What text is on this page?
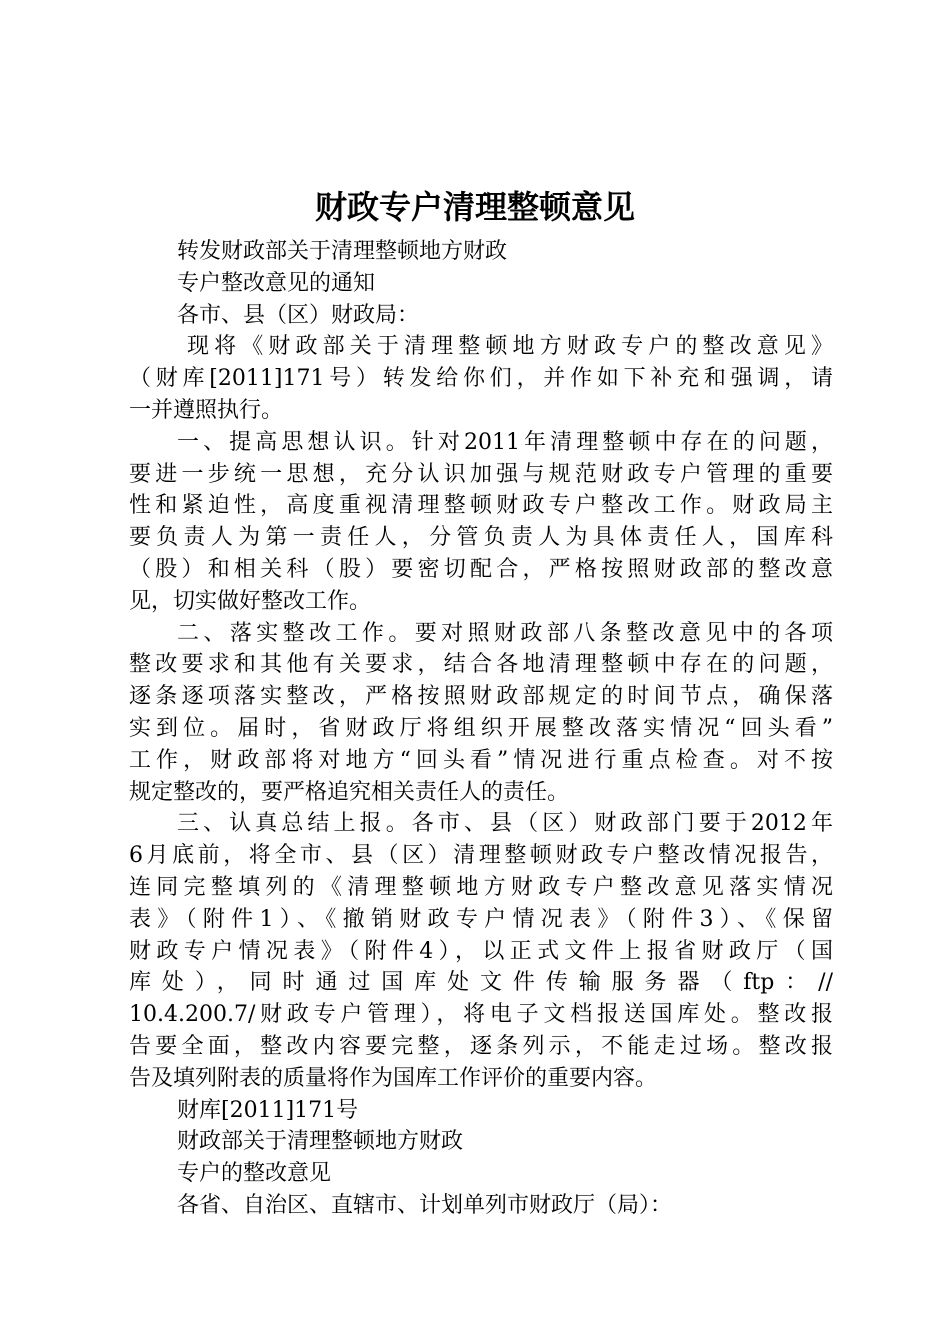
财政专户清理整顿意见
转发财政部关于清理整顿地方财政
专户整改意见的通知
各市、县（区）财政局：
现将《财政部关于清理整顿地方财政专户的整改意见》
（财库[2011]171号）转发给你们，并作如下补充和强调，请
一并遵照执行。
一、提高思想认识。针对2011年清理整顿中存在的问题，
要进一步统一思想，充分认识加强与规范财政专户管理的重要
性和紧迫性，高度重视清理整顿财政专户整改工作。财政局主
要负责人为第一责任人，分管负责人为具体责任人，国库科
（股）和相关科（股）要密切配合，严格按照财政部的整改意
见，切实做好整改工作。
二、落实整改工作。要对照财政部八条整改意见中的各项
整改要求和其他有关要求，结合各地清理整顿中存在的问题，
逐条逐项落实整改，严格按照财政部规定的时间节点，确保落
实到位。届时，省财政厅将组织开展整改落实情况“回头看”
工作，财政部将对地方“回头看”情况进行重点检查。对不按
规定整改的，要严格追究相关责任人的责任。
三、认真总结上报。各市、县（区）财政部门要于2012年
6月底前，将全市、县（区）清理整顿财政专户整改情况报告，
连同完整填列的《清理整顿地方财政专户整改意见落实情况
表》（附件1）、《撤销财政专户情况表》（附件3）、《保留
财政专户情况表》（附件4），以正式文件上报省财政厅（国
库处），同时通过国库处文件传输服务器（ftp：//
10.4.200.7/财政专户管理），将电子文档报送国库处。整改报
告要全面，整改内容要完整，逐条列示，不能走过场。整改报
告及填列附表的质量将作为国库工作评价的重要内容。
财库[2011]171号
财政部关于清理整顿地方财政
专户的整改意见
各省、自治区、直辖市、计划单列市财政厅（局）：
